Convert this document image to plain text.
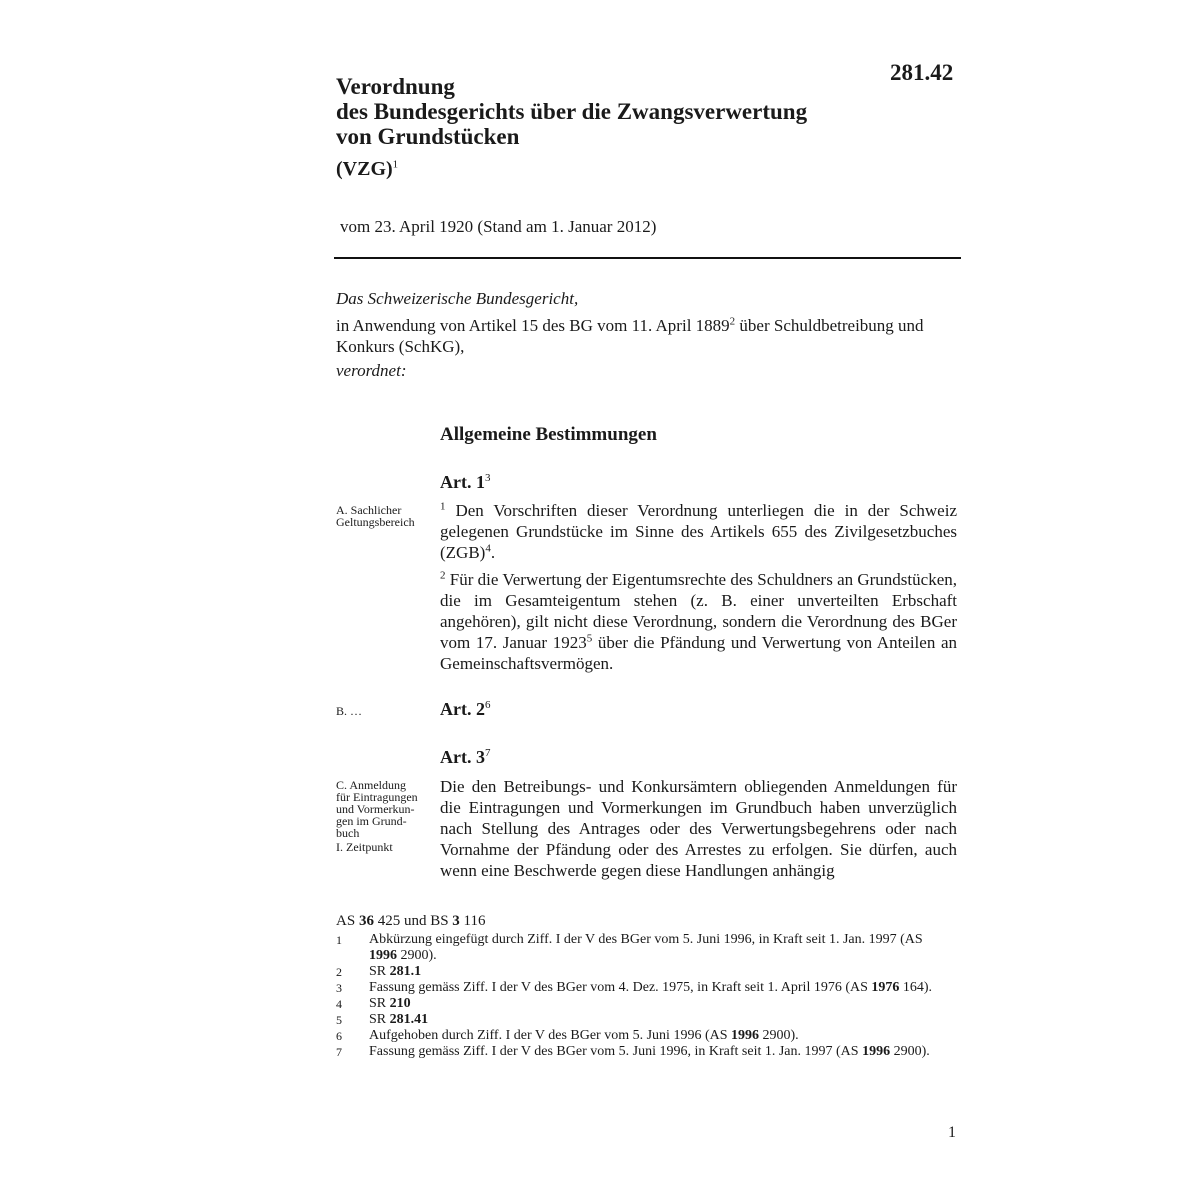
281.42
Verordnung
des Bundesgerichts über die Zwangsverwertung
von Grundstücken
(VZG)$^1$
vom 23. April 1920 (Stand am 1. Januar 2012)

Das Schweizerische Bundesgericht,

in Anwendung von Artikel 15 des BG vom 11. April 1889$^2$ über Schuldbetreibung und Konkurs (SchKG),

verordnet:

Allgemeine Bestimmungen
Art. $1^3$
A. Sachlicher Geltungsbereich

$^1$ Den Vorschriften dieser Verordnung unterliegen die in der Schweiz gelegenen Grundstücke im Sinne des Artikels 655 des Zivilgesetzbuches (ZGB)$^4$.

$^2$ Für die Verwertung der Eigentumsrechte des Schuldners an Grundstücken, die im Gesamteigentum stehen (z. B. einer unverteilten Erbschaft angehören), gilt nicht diese Verordnung, sondern die Verordnung des BGer vom 17. Januar 1923$^5$ über die Pfändung und Verwertung von Anteilen an Gemeinschaftsvermögen.

B. …	Art. $2^6$
Art. $3^7$
C. Anmeldung
für Eintragungen
und Vormerkun-
gen im Grund-
buch
I. Zeitpunkt

Die den Betreibungs- und Konkursämtern obliegenden Anmeldungen für die Eintragungen und Vormerkungen im Grundbuch haben unverzüglich nach Stellung des Antrages oder des Verwertungsbegehrens oder nach Vornahme der Pfändung oder des Arrestes zu erfolgen. Sie dürfen, auch wenn eine Beschwerde gegen diese Handlungen anhängig

AS 36 425 und BS 3 116
1	Abkürzung eingefügt durch Ziff. I der V des BGer vom 5. Juni 1996, in Kraft seit 1. Jan. 1997 (AS 1996 2900).
2	SR 281.1
3	Fassung gemäss Ziff. I der V des BGer vom 4. Dez. 1975, in Kraft seit 1. April 1976 (AS 1976 164).
4	SR 210
5	SR 281.41
6	Aufgehoben durch Ziff. I der V des BGer vom 5. Juni 1996 (AS 1996 2900).
7	Fassung gemäss Ziff. I der V des BGer vom 5. Juni 1996, in Kraft seit 1. Jan. 1997 (AS 1996 2900).
1
